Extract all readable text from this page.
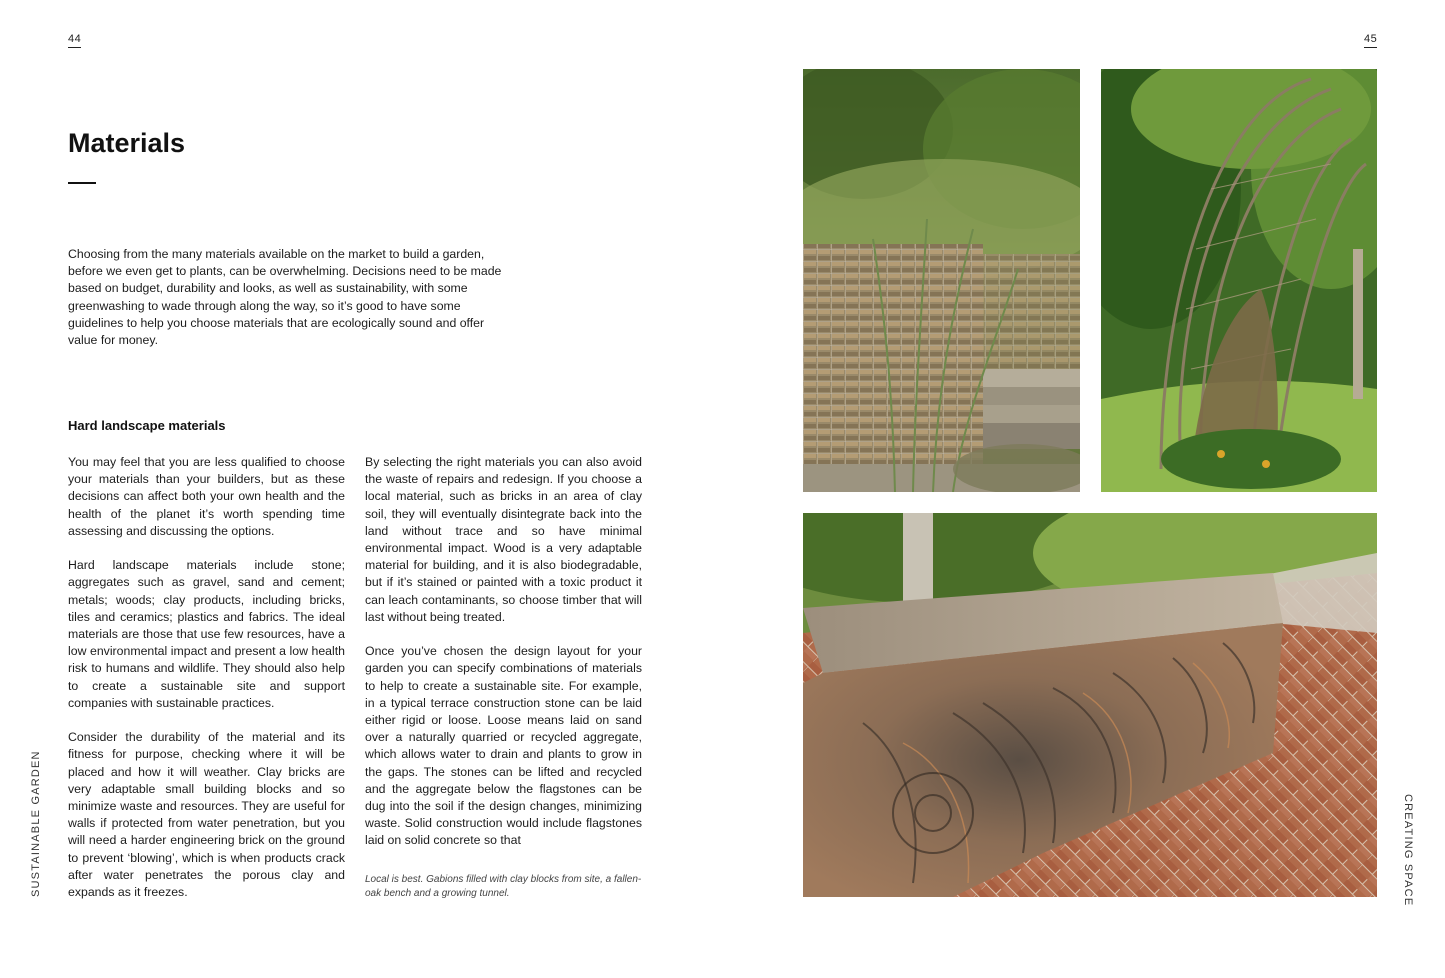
44	45
Materials

Choosing from the many materials available on the market to build a garden, before we even get to plants, can be overwhelming. Decisions need to be made based on budget, durability and looks, as well as sustainability, with some greenwashing to wade through along the way, so it’s good to have some guidelines to help you choose materials that are ecologically sound and offer value for money.

Hard landscape materials

You may feel that you are less qualified to choose your materials than your builders, but as these decisions can affect both your own health and the health of the planet it’s worth spending time assessing and discussing the options.

Hard landscape materials include stone; aggregates such as gravel, sand and cement; metals; woods; clay products, including bricks, tiles and ceramics; plastics and fabrics. The ideal materials are those that use few resources, have a low environmental impact and present a low health risk to humans and wildlife. They should also help to create a sustainable site and support companies with sustainable practices.

Consider the durability of the material and its fitness for purpose, checking where it will be placed and how it will weather. Clay bricks are very adaptable small building blocks and so minimize waste and resources. They are useful for walls if protected from water penetration, but you will need a harder engineering brick on the ground to prevent ‘blowing’, which is when products crack after water penetrates the porous clay and expands as it freezes.

By selecting the right materials you can also avoid the waste of repairs and redesign. If you choose a local material, such as bricks in an area of clay soil, they will eventually disintegrate back into the land without trace and so have minimal environmental impact. Wood is a very adaptable material for building, and it is also biodegradable, but if it’s stained or painted with a toxic product it can leach contaminants, so choose timber that will last without being treated.

Once you’ve chosen the design layout for your garden you can specify combinations of materials to help to create a sustainable site. For example, in a typical terrace construction stone can be laid either rigid or loose. Loose means laid on sand over a naturally quarried or recycled aggregate, which allows water to drain and plants to grow in the gaps. The stones can be lifted and recycled and the aggregate below the flagstones can be dug into the soil if the design changes, minimizing waste. Solid construction would include flagstones laid on solid concrete so that

Local is best. Gabions filled with clay blocks from site, a fallen-oak bench and a growing tunnel.

SUSTAINABLE GARDEN	CREATING SPACE
